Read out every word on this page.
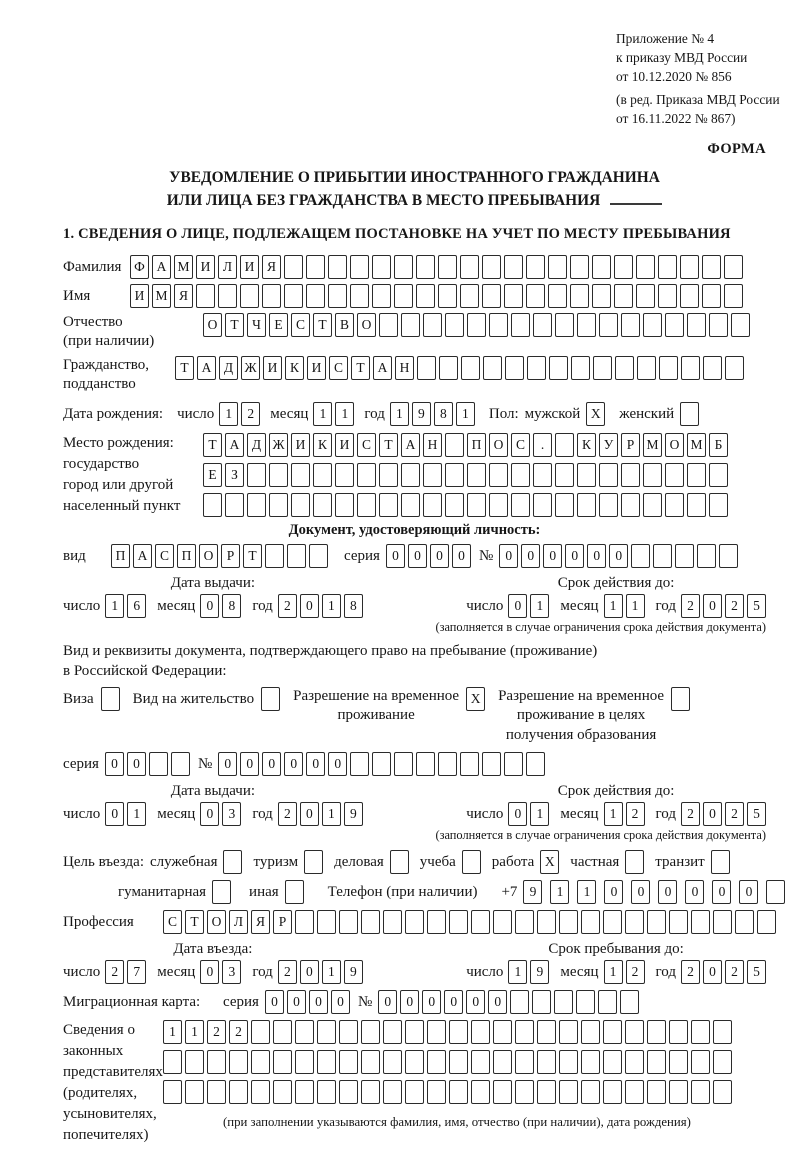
Приложение № 4
к приказу МВД России
от 10.12.2020 № 856
(в ред. Приказа МВД России
от 16.11.2022 № 867)
ФОРМА
УВЕДОМЛЕНИЕ О ПРИБЫТИИ ИНОСТРАННОГО ГРАЖДАНИНА
ИЛИ ЛИЦА БЕЗ ГРАЖДАНСТВА В МЕСТО ПРЕБЫВАНИЯ
1. СВЕДЕНИЯ О ЛИЦЕ, ПОДЛЕЖАЩЕМ ПОСТАНОВКЕ НА УЧЕТ ПО МЕСТУ ПРЕБЫВАНИЯ
Фамилия Ф А М И Л И Я
Имя	И М Я
Отчество
(при наличии)
О Т Ч Е С Т В О
Гражданство,
подданство
Т А Д Ж И К И С Т А Н
Дата рождения: число 1	2	месяц 1	1	год 1	9	8	1	Пол: мужской X	женский
Место рождения:
государство
город или другой
населенный пункт
Т А Д Ж И К И С Т А Н	П О С	.	К У Р М О М Б
Е	З
Документ, удостоверяющий личность:
вид	П А С П О Р	Т	серия 0	0	0	0 № 0	0	0	0	0	0
Дата выдачи:
число 1	6	месяц 0	8	год 2	0	1	8
Срок действия до:
число 0	1	месяц 1	1	год 2	0	2	5
(заполняется в случае ограничения срока действия документа)
Вид и реквизиты документа, подтверждающего право на пребывание (проживание)
в Российской Федерации:
Виза	Вид на жительство	Разрешение на временное
проживание
X	Разрешение на временное
проживание в целях
получения образования
серия 0	0	№ 0	0	0	0	0	0
Дата выдачи:
число 0	1	месяц 0	3	год 2	0	1	9
Срок действия до:
число 0	1	месяц 1	2	год 2	0	2	5
(заполняется в случае ограничения срока действия документа)
Цель въезда: служебная туризм деловая учеба работа X	частная транзит
гуманитарная	иная	Телефон (при наличии) +7 9	1	1	0	0	0	0	0	0
Профессия	С Т О Л Я	Р
Дата въезда:
число 2	7	месяц 0	3	год 2	0	1	9
Срок пребывания до:
число 1	9	месяц 1	2	год 2	0	2	5
Миграционная карта:	серия 0	0	0	0 № 0	0	0	0	0	0
Сведения о
законных
представителях
(родителях,
усыновителях,
попечителях)
1	1	2	2
(при заполнении указываются фамилия, имя, отчество (при наличии), дата рождения)
